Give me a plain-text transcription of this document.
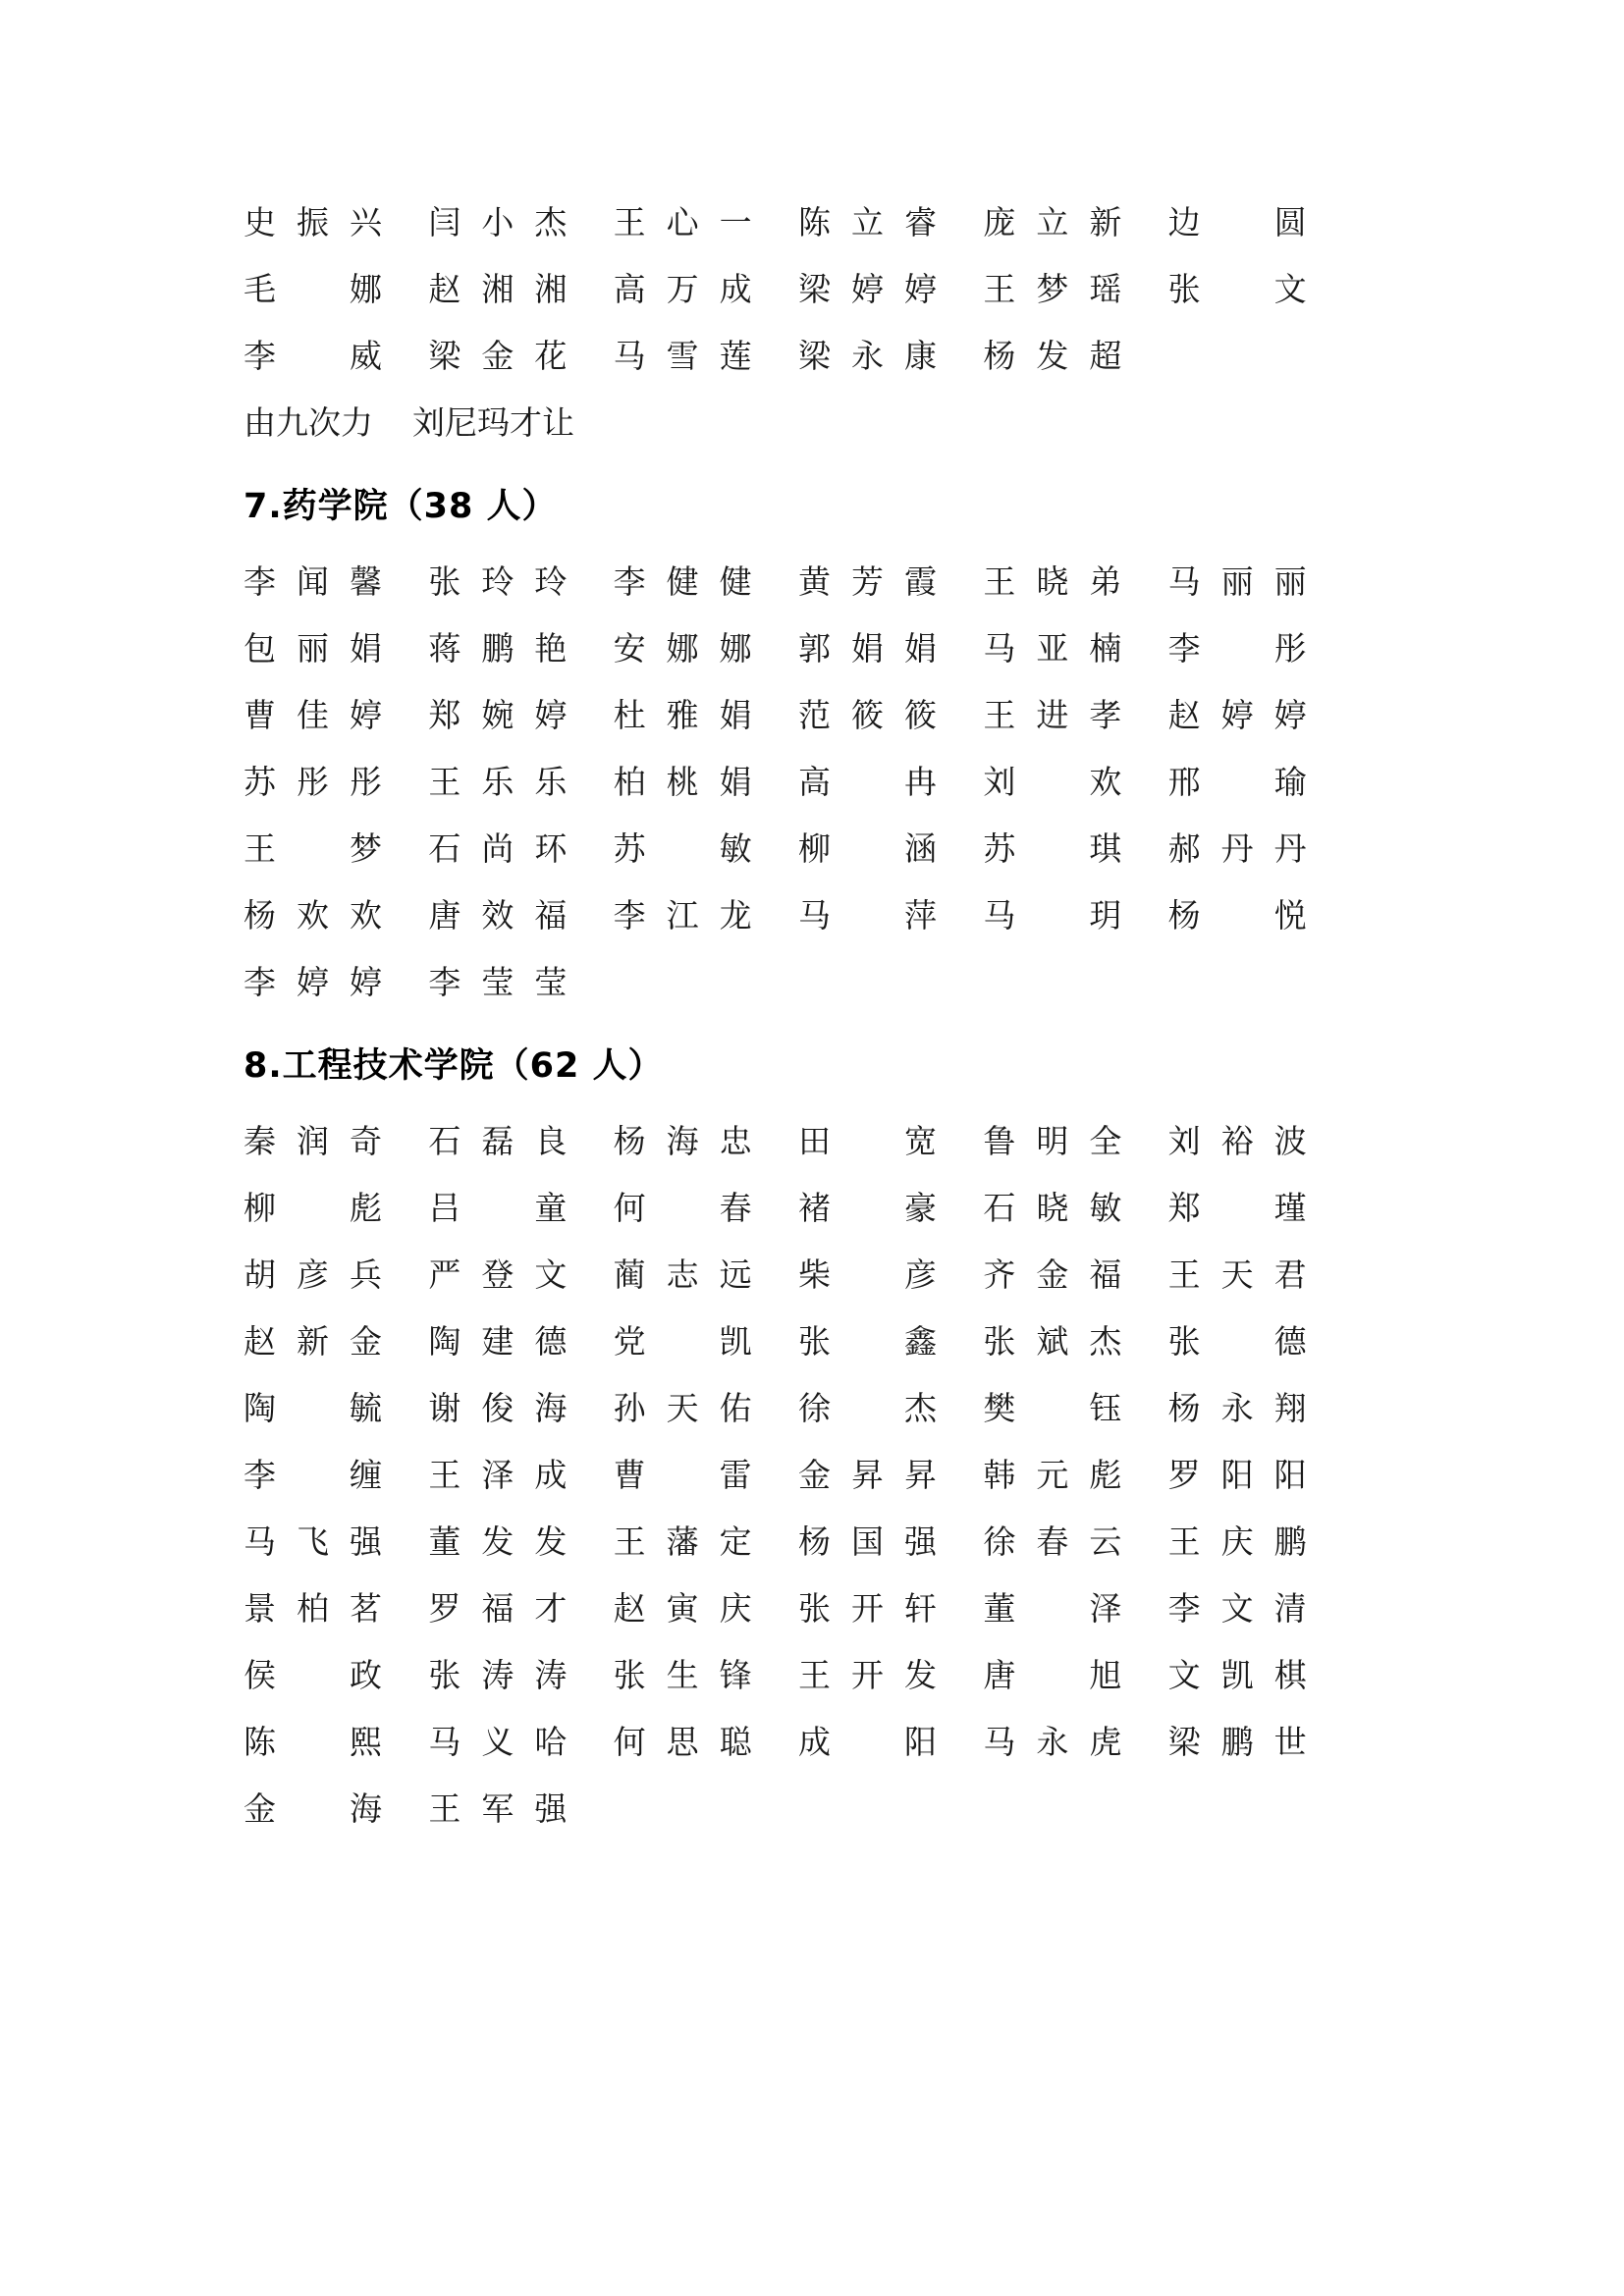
史振兴 闫小杰 王心一 陈立睿 庞立新 边圆
毛娜 赵湘湘 高万成 梁婷婷 王梦瑶 张文
李威 梁金花 马雪莲 梁永康 杨发超
由九次力 刘尼玛才让
7.药学院（38 人）
李闻馨 张玲玲 李健健 黄芳霞 王晓弟 马丽丽
包丽娟 蒋鹏艳 安娜娜 郭娟娟 马亚楠 李彤
曹佳婷 郑婉婷 杜雅娟 范筱筱 王进孝 赵婷婷
苏彤彤 王乐乐 柏桃娟 高冉 刘欢 邢瑜
王梦 石尚环 苏敏 柳涵 苏琪 郝丹丹
杨欢欢 唐效福 李江龙 马萍 马玥 杨悦
李婷婷 李莹莹
8.工程技术学院（62 人）
秦润奇 石磊良 杨海忠 田宽 鲁明全 刘裕波
柳彪 吕童 何春 褚豪 石晓敏 郑瑾
胡彦兵 严登文 蔺志远 柴彦 齐金福 王天君
赵新金 陶建德 党凯 张鑫 张斌杰 张德
陶毓 谢俊海 孙天佑 徐杰 樊钰 杨永翔
李缠 王泽成 曹雷 金昇昇 韩元彪 罗阳阳
马飞强 董发发 王藩定 杨国强 徐春云 王庆鹏
景柏茗 罗福才 赵寅庆 张开轩 董泽 李文清
侯政 张涛涛 张生锋 王开发 唐旭 文凯棋
陈熙 马义哈 何思聪 成阳 马永虎 梁鹏世
金海 王军强
